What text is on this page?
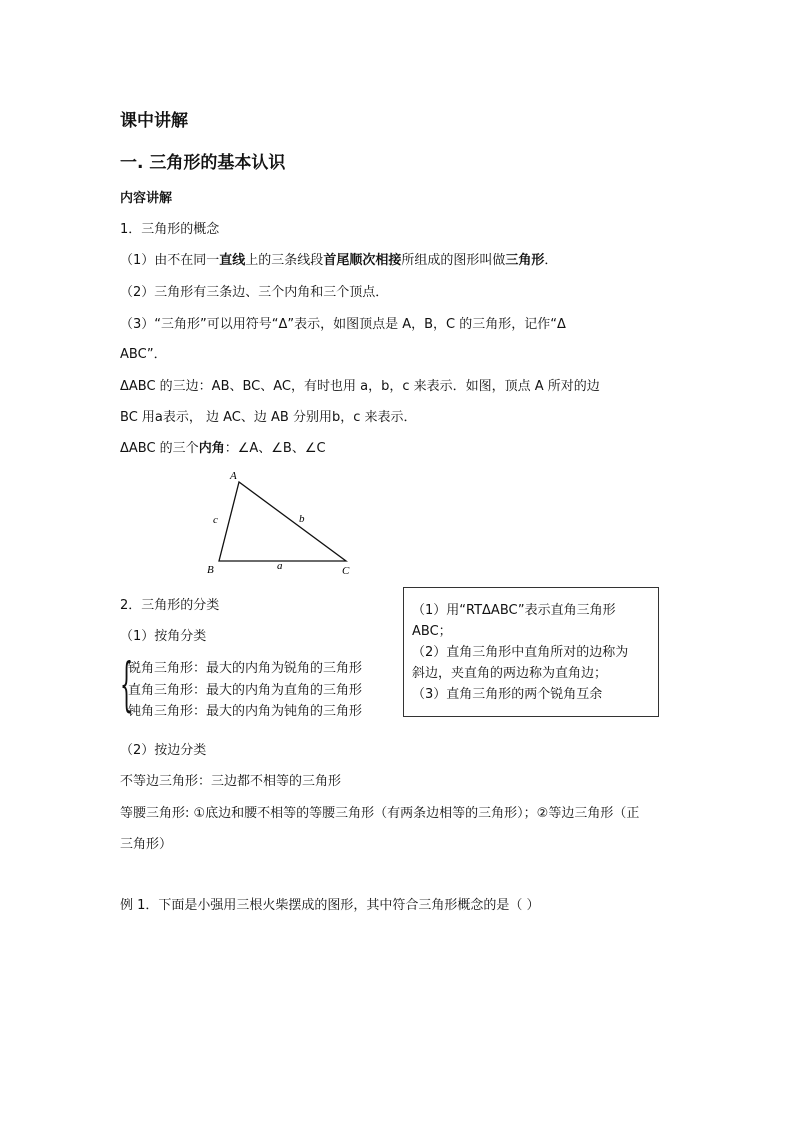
课中讲解
一. 三角形的基本认识
内容讲解
1．三角形的概念
（1）由不在同一直线上的三条线段首尾顺次相接所组成的图形叫做三角形．
（2）三角形有三条边、三个内角和三个顶点．
（3）“三角形”可以用符号“Δ”表示，如图顶点是 A，B，C 的三角形，记作“Δ
ABC”．
ΔABC 的三边：AB、BC、AC，有时也用 a，b，c 来表示．如图，顶点 A 所对的边
BC 用a表示， 边 AC、边 AB 分别用b，c 来表示．
ΔABC 的三个内角：∠A、∠B、∠C
A
B	C
a
b
c
2．三角形的分类
（1）按角分类
{
锐角三角形：最大的内角为锐角的三角形
直角三角形：最大的内角为直角的三角形
钝角三角形：最大的内角为钝角的三角形
（1）用“RTΔABC”表示直角三角形
ABC；
（2）直角三角形中直角所对的边称为
斜边，夹直角的两边称为直角边；
（3）直角三角形的两个锐角互余
（2）按边分类
不等边三角形：三边都不相等的三角形
等腰三角形: ①底边和腰不相等的等腰三角形（有两条边相等的三角形）；②等边三角形（正
三角形）
例 1．下面是小强用三根火柴摆成的图形，其中符合三角形概念的是（ ）
